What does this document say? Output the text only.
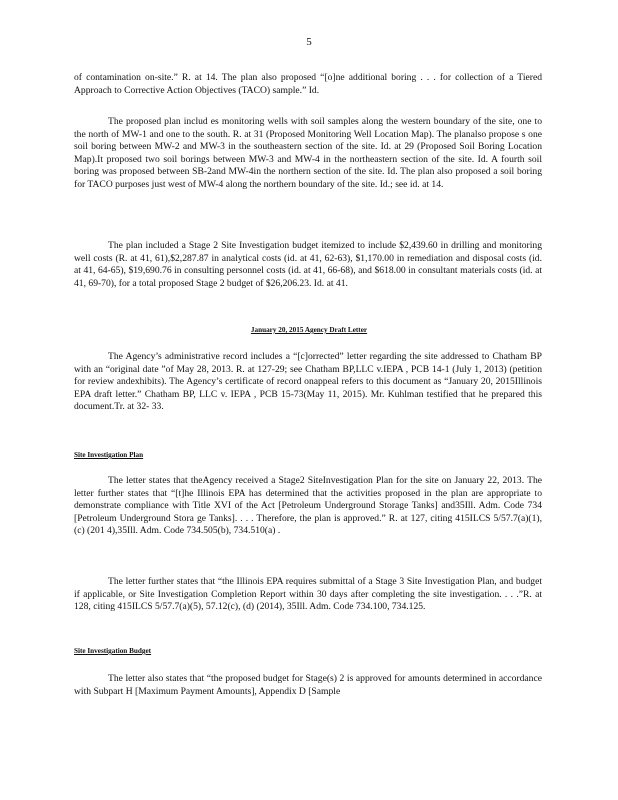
5

of contamination on-site.” R. at 14. The plan also proposed “[o]ne additional boring . . . for collection of a Tiered Approach to Corrective Action Objectives (TACO) sample.” Id.

The proposed plan includ es monitoring wells with soil samples along the western boundary of the site, one to the north of MW-1 and one to the south. R. at 31 (Proposed Monitoring Well Location Map). The planalso propose s one soil boring between MW-2 and MW-3 in the southeastern section of the site. Id. at 29 (Proposed Soil Boring Location Map).It proposed two soil borings between MW-3 and MW-4 in the northeastern section of the site. Id. A fourth soil boring was proposed between SB-2and MW-4in the northern section of the site. Id. The plan also proposed a soil boring for TACO purposes just west of MW-4 along the northern boundary of the site. Id.; see id. at 14.

The plan included a Stage 2 Site Investigation budget itemized to include $2,439.60 in drilling and monitoring well costs (R. at 41, 61),$2,287.87 in analytical costs (id. at 41, 62-63), $1,170.00 in remediation and disposal costs (id. at 41, 64-65), $19,690.76 in consulting personnel costs (id. at 41, 66-68), and $618.00 in consultant materials costs (id. at 41, 69-70), for a total proposed Stage 2 budget of $26,206.23. Id. at 41.

January 20, 2015 Agency Draft Letter

The Agency’s administrative record includes a “[c]orrected” letter regarding the site addressed to Chatham BP with an “original date ”of May 28, 2013. R. at 127-29; see Chatham BP,LLC v.IEPA , PCB 14-1 (July 1, 2013) (petition for review andexhibits). The Agency’s certificate of record onappeal refers to this document as “January 20, 2015Illinois EPA draft letter.” Chatham BP, LLC v. IEPA , PCB 15-73(May 11, 2015). Mr. Kuhlman testified that he prepared this document.Tr. at 32- 33.

Site Investigation Plan

The letter states that theAgency received a Stage2 SiteInvestigation Plan for the site on January 22, 2013. The letter further states that “[t]he Illinois EPA has determined that the activities proposed in the plan are appropriate to demonstrate compliance with Title XVI of the Act [Petroleum Underground Storage Tanks] and35Ill. Adm. Code 734 [Petroleum Underground Stora ge Tanks]. . . . Therefore, the plan is approved.” R. at 127, citing 415ILCS 5/57.7(a)(1), (c) (201 4),35Ill. Adm. Code 734.505(b), 734.510(a) .

The letter further states that “the Illinois EPA requires submittal of a Stage 3 Site Investigation Plan, and budget if applicable, or Site Investigation Completion Report within 30 days after completing the site investigation. . . .”R. at 128, citing 415ILCS 5/57.7(a)(5), 57.12(c), (d) (2014), 35Ill. Adm. Code 734.100, 734.125.

Site Investigation Budget

The letter also states that “the proposed budget for Stage(s) 2 is approved for amounts determined in accordance with Subpart H [Maximum Payment Amounts], Appendix D [Sample
